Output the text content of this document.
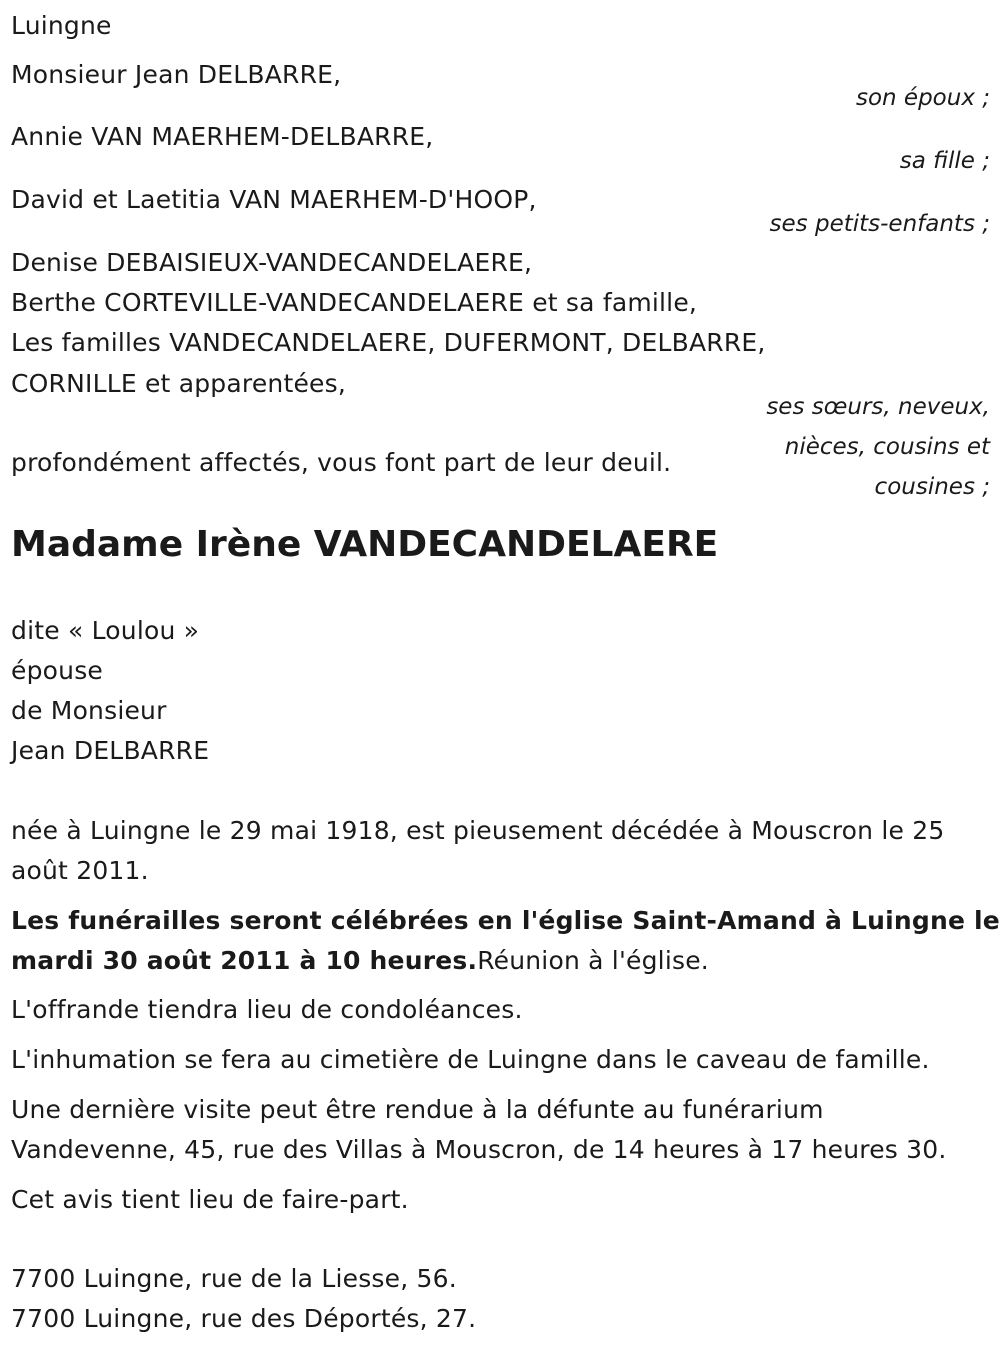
Luingne
Monsieur Jean DELBARRE,
son époux ;
Annie VAN MAERHEM-DELBARRE,
sa fille ;
David et Laetitia VAN MAERHEM-D'HOOP,
ses petits-enfants ;
Denise DEBAISIEUX-VANDECANDELAERE,
Berthe CORTEVILLE-VANDECANDELAERE et sa famille,
Les familles VANDECANDELAERE, DUFERMONT, DELBARRE,
CORNILLE et apparentées,
ses sœurs, neveux,
nièces, cousins et
cousines ;
profondément affectés, vous font part de leur deuil.
Madame Irène VANDECANDELAERE
dite « Loulou »
épouse
de Monsieur
Jean DELBARRE
née à Luingne le 29 mai 1918, est pieusement décédée à Mouscron le 25
août 2011.
Les funérailles seront célébrées en l'église Saint-Amand à Luingne le
mardi 30 août 2011 à 10 heures.Réunion à l'église.
L'offrande tiendra lieu de condoléances.
L'inhumation se fera au cimetière de Luingne dans le caveau de famille.
Une dernière visite peut être rendue à la défunte au funérarium
Vandevenne, 45, rue des Villas à Mouscron, de 14 heures à 17 heures 30.
Cet avis tient lieu de faire-part.
7700 Luingne, rue de la Liesse, 56.
7700 Luingne, rue des Déportés, 27.
